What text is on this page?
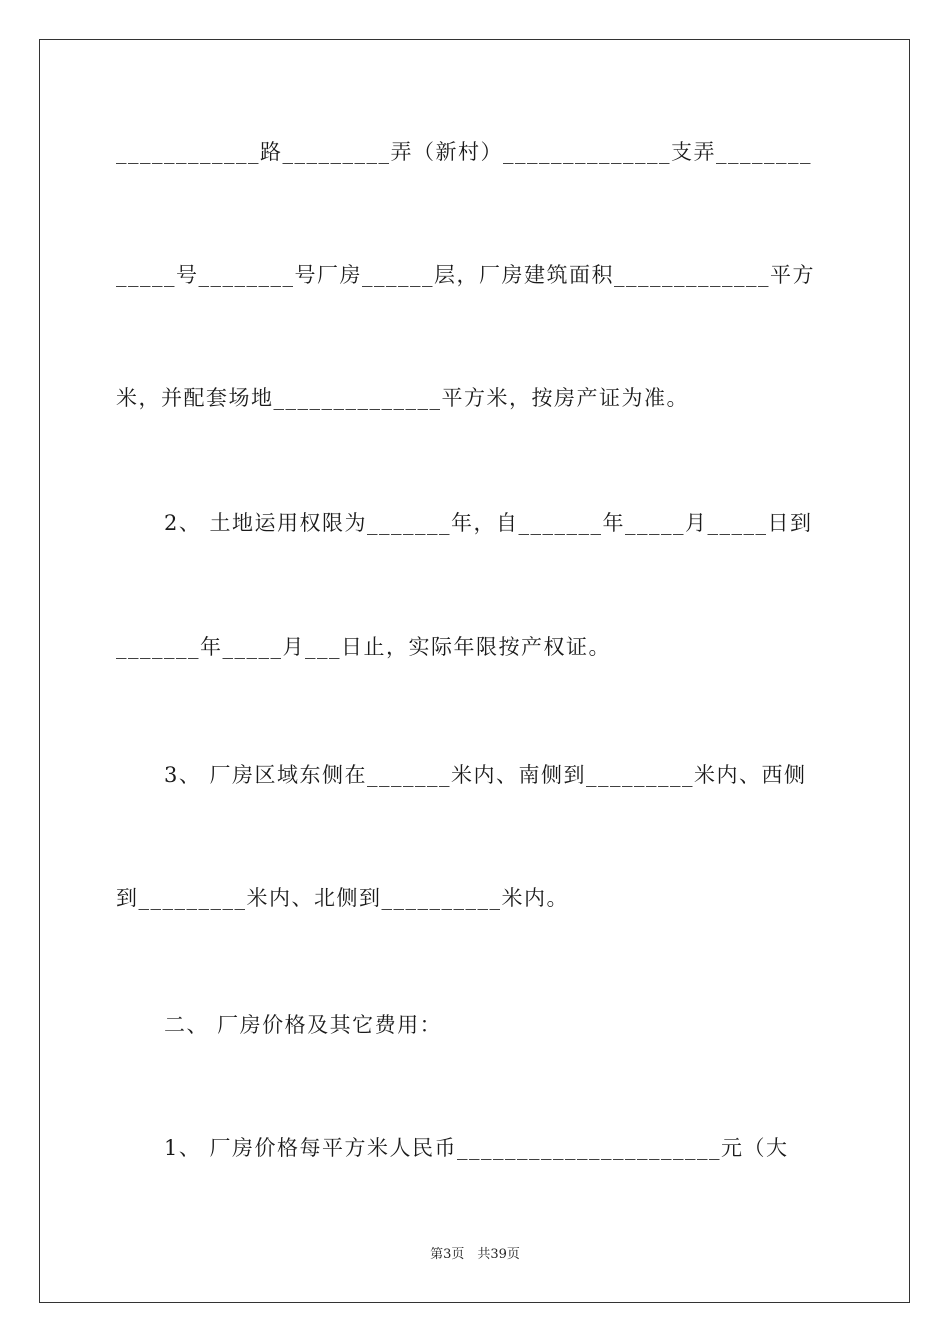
____________路_________弄（新村）______________支弄________
_____号________号厂房______层，厂房建筑面积_____________平方
米，并配套场地______________平方米，按房产证为准。
2、 土地运用权限为_______年，自_______年_____月_____日到
_______年_____月___日止，实际年限按产权证。
3、 厂房区域东侧在_______米内、南侧到_________米内、西侧
到_________米内、北侧到__________米内。
二、 厂房价格及其它费用：
1、 厂房价格每平方米人民币______________________元（大
第3页　共39页
